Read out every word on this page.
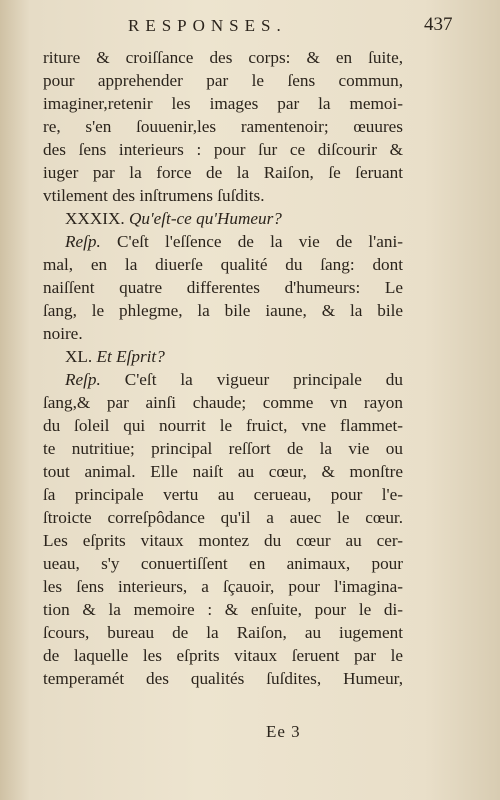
RESPONSES.	437
riture & croiſſance des corps: & en ſuite,
pour apprehender par le ſens commun,
imaginer,retenir les images par la memoi-
re, s'en ſouuenir,les ramentenoir; œuures
des ſens interieurs : pour ſur ce diſcourir &
iuger par la force de la Raiſon, ſe ſeruant
vtilement des inſtrumens ſuſdits.
XXXIX. Qu'eſt-ce qu'Humeur?
Reſp. C'eſt l'eſſence de la vie de l'ani-
mal, en la diuerſe qualité du ſang: dont
naiſſent quatre differentes d'humeurs: Le
ſang, le phlegme, la bile iaune, & la bile
noire.
XL. Et Eſprit?
Reſp. C'eſt la vigueur principale du
ſang,& par ainſi chaude; comme vn rayon
du ſoleil qui nourrit le fruict, vne flammet-
te nutritiue; principal reſſort de la vie ou
tout animal. Elle naiſt au cœur, & monſtre
ſa principale vertu au cerueau, pour l'e-
ſtroicte correſpôdance qu'il a auec le cœur.
Les eſprits vitaux montez du cœur au cer-
ueau, s'y conuertiſſent en animaux, pour
les ſens interieurs, a ſçauoir, pour l'imagina-
tion & la memoire : & enſuite, pour le di-
ſcours, bureau de la Raiſon, au iugement
de laquelle les eſprits vitaux ſeruent par le
temperamét des qualités ſuſdites, Humeur,
Ee 3
